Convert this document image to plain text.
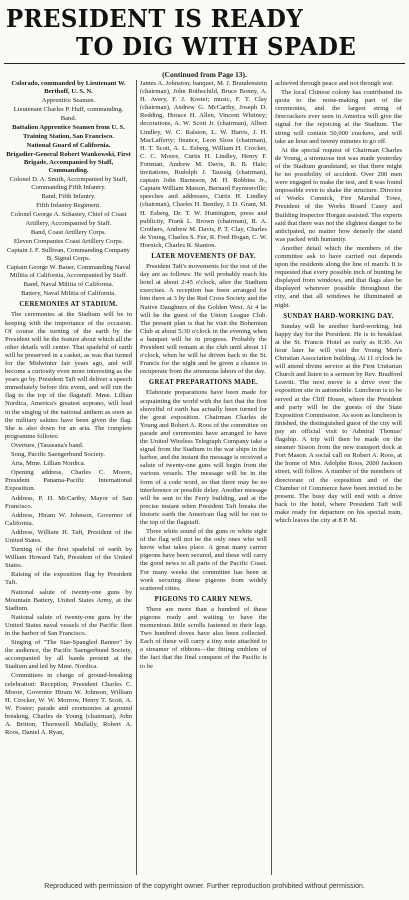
PRESIDENT IS READY
TO DIG WITH SPADE
(Continued from Page 13).

Colorado, commanded by Lieutenant W. Berthoff, U. S. N.

Apprentice Seamen.

Lieutenant Charles P. Huff, commanding.

Band.

Battalion Apprentice Seamen from U. S. Training Station, San Francisco.

National Guard of California.

Brigadier-General Robert Wankowski, First Brigade, Accompanied by Staff, Commanding.

Colonel D. A. Smith, Accompanied by Staff, Commanding Fifth Infantry.

Band, Fifth Infantry.

Fifth Infantry Regiment.

Colonel George A. Schastey, Chief of Coast Artillery, Accompanied by Staff.

Band, Coast Artillery Corps.

Eleven Companies Coast Artillery Corps.

Captain J. F. Sullivan, Commanding Company B, Signal Corps.

Captain George W. Bauer, Commanding Naval Militia of California, Accompanied by Staff.

Band, Naval Militia of California.

Battery, Naval Militia of California.

CEREMONIES AT STADIUM.

The ceremonies at the Stadium will be in keeping with the importance of the occasion. Of course the turning of the earth by the President will be the feature about which all the other details will center. That spadeful of earth will be preserved in a casket, as was that turned for the Midwinter fair years ago, and will become a curiosity even more interesting as the years go by. President Taft will deliver a speech immediately before this event, and will run the flag to the top of the flagstaff. Mme. Lillian Nordica, America's greatest soprano, will lead in the singing of the national anthem as soon as the military salutes have been given the flag. She is also down for an aria. The complete programme follows:

Overture, (Tasseana's band.

Song, Pacific Saengerbund Society.

Aria, Mme. Lillian Nordica.

Opening address, Charles C. Moore, President Panama-Pacific International Exposition.

Address, P. H. McCarthy, Mayor of San Francisco.

Address, Hiram W. Johnson, Governor of California.

Address, William H. Taft, President of the United States.

Turning of the first spadeful of earth by William Howard Taft, President of the United States.

Raising of the exposition flag by President Taft.

National salute of twenty-one guns by Mountain Battery, United States Army, at the Stadium.

National salute of twenty-one guns by the United States naval vessels of the Pacific fleet in the harbor of San Francisco.

Singing of "The Star-Spangled Banner" by the audience, the Pacific Saengerbund Society, accompanied by all bands present at the Stadium and led by Mme. Nordica.

Committees in charge of ground-breaking celebration: Reception, President Charles C. Moore, Governor Hiram W. Johnson, William H. Crocker, W. W. Morrow, Henry T. Scott, A. W. Foster; parade and ceremonies at ground breaking, Charles de Young (chairman), John A. Britton, Thornwell Mullally, Robert A. Roos, Daniel A. Ryan,

James A. Johnston; banquet, M. J. Brandenstein (chairman), John Rothschild, Bruce Bonny, A. H. Avery, F. J. Koster; music, F. T. Clay (chairman), Andrew G. McCarthy, Joseph D. Redding, Horace H. Allen, Vincent Whitney; decorations, A. W. Scott Jr. (chairman), Albert Lindley, W. C. Ralston, L. W. Harris, J. H. MacLafferty; finance, Leon Sloss (chairman), H. T. Scott, A. L. Esberg, William H. Crocker, C. C. Moore, Curtis H. Lindley, Henry F. Fortman, Andrew M. Davis, R. B. Hale; invitations, Rudolph J. Taussig (chairman), captain John Barneson, M. H. Robbins Jr., Captain William Matson, Bernard Faymonville; speeches and addresses, Curtis H. Lindley (chairman), Charles H. Bentley, J. D. Grant, M. H. Esberg, Dr. T. W. Huntington, press and publicity, Frank L. Brown (chairman), R. A. Crothers, Andrew M. Davis, P. T. Clay, Charles de Young, Charles S. Fee, R. Fred Hogan, C. W. Hornick, Charles R. Stanton.

LATER MOVEMENTS OF DAY.

President Taft's movements for the rest of the day are as follows: He will probably reach his hotel at about 2:45 o'clock, after the Stadium exercises. A reception has been arranged for him there at 3 by the Red Cross Society and the Native Daughters of the Golden West. At 4 he will be the guest of the Union League Club. The present plan is that he visit the Bohemian Club at about 5:30 o'clock in the evening when a banquet will be in progress. Probably the President will remain at the club until about 11 o'clock, when he will be driven back to the St. Francis for the night and be given a chance to recuperate from the strenuous labors of the day.

GREAT PREPARATIONS MADE.

Elaborate preparations have been made for acquainting the world with the fact that the first shovelful of earth has actually been turned for the great exposition. Chairman Charles de Young and Robert A. Roos of the committee on parade and ceremonies have arranged to have the United Wireless Telegraph Company take a signal from the Stadium to the war ships in the harbor, and the instant the message is received a salute of twenty-one guns will begin from the various vessels. The message will be in the form of a code word, so that there may be no interference or possible delay. Another message will be sent to the Ferry building, and at the precise instant when President Taft breaks the historic earth the American flag will be run to the top of the flagstaff.

Three white sound of the guns or white sight of the flag will not be the only ones who will know what takes place. A great many carrier pigeons have been secured, and these will carry the good news to all parts of the Pacific Coast. For many weeks the committee has been at work securing these pigeons from widely scattered cities.

PIGEONS TO CARRY NEWS.

There are more than a hundred of these pigeons ready and waiting to have the momentous little scrolls fastened to their legs. Two hundred doves have also been collected. Each of these will carry a tiny note attached to a streamer of ribbons—the fitting emblem of the fact that the final conquest of the Pacific is to be

achieved through peace and not through war.

The local Chinese colony has contributed its quota to the noise-making part of the ceremonies, and the largest string of firecrackers ever seen in America will give the signal for the rejoicing at the Stadium. The string will contain 50,000 crackers, and will take an hour and twenty minutes to go off.

At the special request of Chairman Charles de Young, a strenuous test was made yesterday of the Stadium grandstand, so that there might be no possibility of accident. Over 200 men were engaged to make the test, and it was found impossible even to shake the structure. Director of Works Connick, Fire Marshal Towe, President of the Works Board Casey and Building Inspector Horgan assisted. The experts said that there was not the slightest danger to be anticipated, no matter how densely the stand was packed with humanity.

Another detail which the members of the committee ask to have carried out depends upon the residents along the line of march. It is requested that every possible inch of bunting be displayed from windows, and that flags also be displayed wherever possible throughout the city, and that all windows be illuminated at night.

SUNDAY HARD-WORKING DAY.

Sunday will be another hard-working, but happy day for the President. He is to breakfast at the St. Francis Hotel as early as 8:30. An hour later he will visit the Young Men's Christian Association building. At 11 o'clock he will attend divine service at the First Unitarian Church and listen to a sermon by Rev. Bradford Leavitt. The next move is a drive over the exposition site in automobile. Luncheon is to be served at the Cliff House, where the President and party will be the guests of the State Exposition Commission. As soon as luncheon is finished, the distinguished guest of the city will pay an official visit to Admiral Thomas' flagship. A trip will then be made on the steamer Sisson from the new transport dock at Fort Mason. A social call on Robert A. Roos, at the home of Mrs. Adolphe Roos, 2000 Jackson street, will follow. A number of the members of directorate of the exposition and of the Chamber of Commerce have been invited to be present. The busy day will end with a drive back to the hotel, where President Taft will make ready for departure on his special train, which leaves the city at 8 P. M.

Reproduced with permission of the copyright owner. Further reproduction prohibited without permission.
